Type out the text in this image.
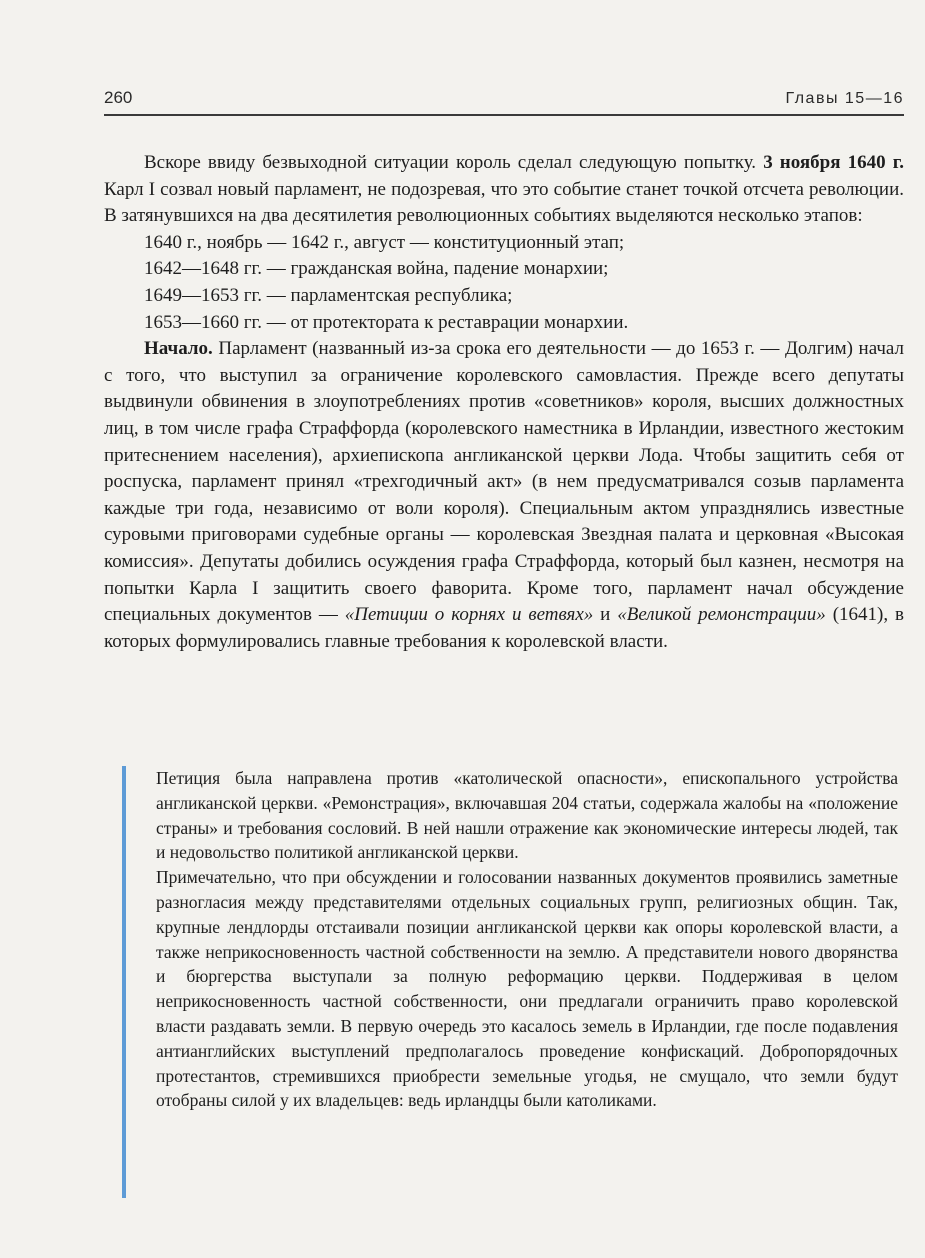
260	Главы 15—16

Вскоре ввиду безвыходной ситуации король сделал следующую попытку. 3 ноября 1640 г. Карл I созвал новый парламент, не подозревая, что это событие станет точкой отсчета революции. В затянувшихся на два десятилетия революционных событиях выделяются несколько этапов:

1640 г., ноябрь — 1642 г., август — конституционный этап;
1642—1648 гг. — гражданская война, падение монархии;
1649—1653 гг. — парламентская республика;
1653—1660 гг. — от протектората к реставрации монархии.

Начало. Парламент (названный из-за срока его деятельности — до 1653 г. — Долгим) начал с того, что выступил за ограничение королевского самовластия. Прежде всего депутаты выдвинули обвинения в злоупотреблениях против «советников» короля, высших должностных лиц, в том числе графа Страффорда (королевского наместника в Ирландии, известного жестоким притеснением населения), архиепископа англиканской церкви Лода. Чтобы защитить себя от роспуска, парламент принял «трехгодичный акт» (в нем предусматривался созыв парламента каждые три года, независимо от воли короля). Специальным актом упразднялись известные суровыми приговорами судебные органы — королевская Звездная палата и церковная «Высокая комиссия». Депутаты добились осуждения графа Страффорда, который был казнен, несмотря на попытки Карла I защитить своего фаворита. Кроме того, парламент начал обсуждение специальных документов — «Петиции о корнях и ветвях» и «Великой ремонстрации» (1641), в которых формулировались главные требования к королевской власти.

Петиция была направлена против «католической опасности», епископального устройства англиканской церкви. «Ремонстрация», включавшая 204 статьи, содержала жалобы на «положение страны» и требования сословий. В ней нашли отражение как экономические интересы людей, так и недовольство политикой англиканской церкви.

Примечательно, что при обсуждении и голосовании названных документов проявились заметные разногласия между представителями отдельных социальных групп, религиозных общин. Так, крупные лендлорды отстаивали позиции англиканской церкви как опоры королевской власти, а также неприкосновенность частной собственности на землю. А представители нового дворянства и бюргерства выступали за полную реформацию церкви. Поддерживая в целом неприкосновенность частной собственности, они предлагали ограничить право королевской власти раздавать земли. В первую очередь это касалось земель в Ирландии, где после подавления антианглийских выступлений предполагалось проведение конфискаций. Добропорядочных протестантов, стремившихся приобрести земельные угодья, не смущало, что земли будут отобраны силой у их владельцев: ведь ирландцы были католиками.
